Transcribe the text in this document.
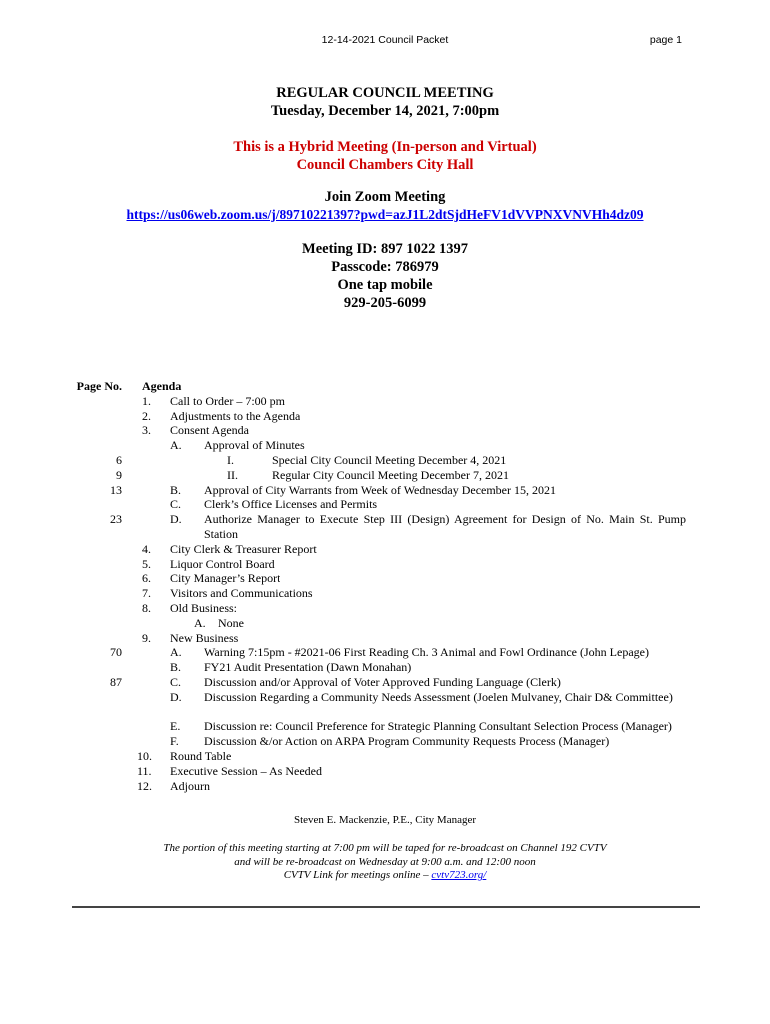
12-14-2021 Council Packet	page 1
REGULAR COUNCIL MEETING
Tuesday, December 14, 2021, 7:00pm
This is a Hybrid Meeting (In-person and Virtual)
Council Chambers City Hall
Join Zoom Meeting
https://us06web.zoom.us/j/89710221397?pwd=azJ1L2dtSjdHeFV1dVVPNXVNVHh4dz09
Meeting ID: 897 1022 1397
Passcode: 786979
One tap mobile
929-205-6099
Page No. Agenda
1. Call to Order – 7:00 pm
2. Adjustments to the Agenda
3. Consent Agenda
A. Approval of Minutes
6	I.	Special City Council Meeting December 4, 2021
9	II.	Regular City Council Meeting December 7, 2021
13	B. Approval of City Warrants from Week of Wednesday December 15, 2021
C. Clerk’s Office Licenses and Permits
23	D. Authorize Manager to Execute Step III (Design) Agreement for Design of No. Main St. Pump Station
4. City Clerk & Treasurer Report
5. Liquor Control Board
6. City Manager’s Report
7. Visitors and Communications
8. Old Business:
A. None
9. New Business
70	A. Warning 7:15pm - #2021-06 First Reading Ch. 3 Animal and Fowl Ordinance (John Lepage)
B. FY21 Audit Presentation (Dawn Monahan)
87	C. Discussion and/or Approval of Voter Approved Funding Language (Clerk)
D. Discussion Regarding a Community Needs Assessment (Joelen Mulvaney, Chair D& Committee)
E. Discussion re: Council Preference for Strategic Planning Consultant Selection Process (Manager)
F. Discussion &/or Action on ARPA Program Community Requests Process (Manager)
10. Round Table
11. Executive Session – As Needed
12. Adjourn
Steven E. Mackenzie, P.E., City Manager
The portion of this meeting starting at 7:00 pm will be taped for re-broadcast on Channel 192 CVTV
and will be re-broadcast on Wednesday at 9:00 a.m. and 12:00 noon
CVTV Link for meetings online – cvtv723.org/
